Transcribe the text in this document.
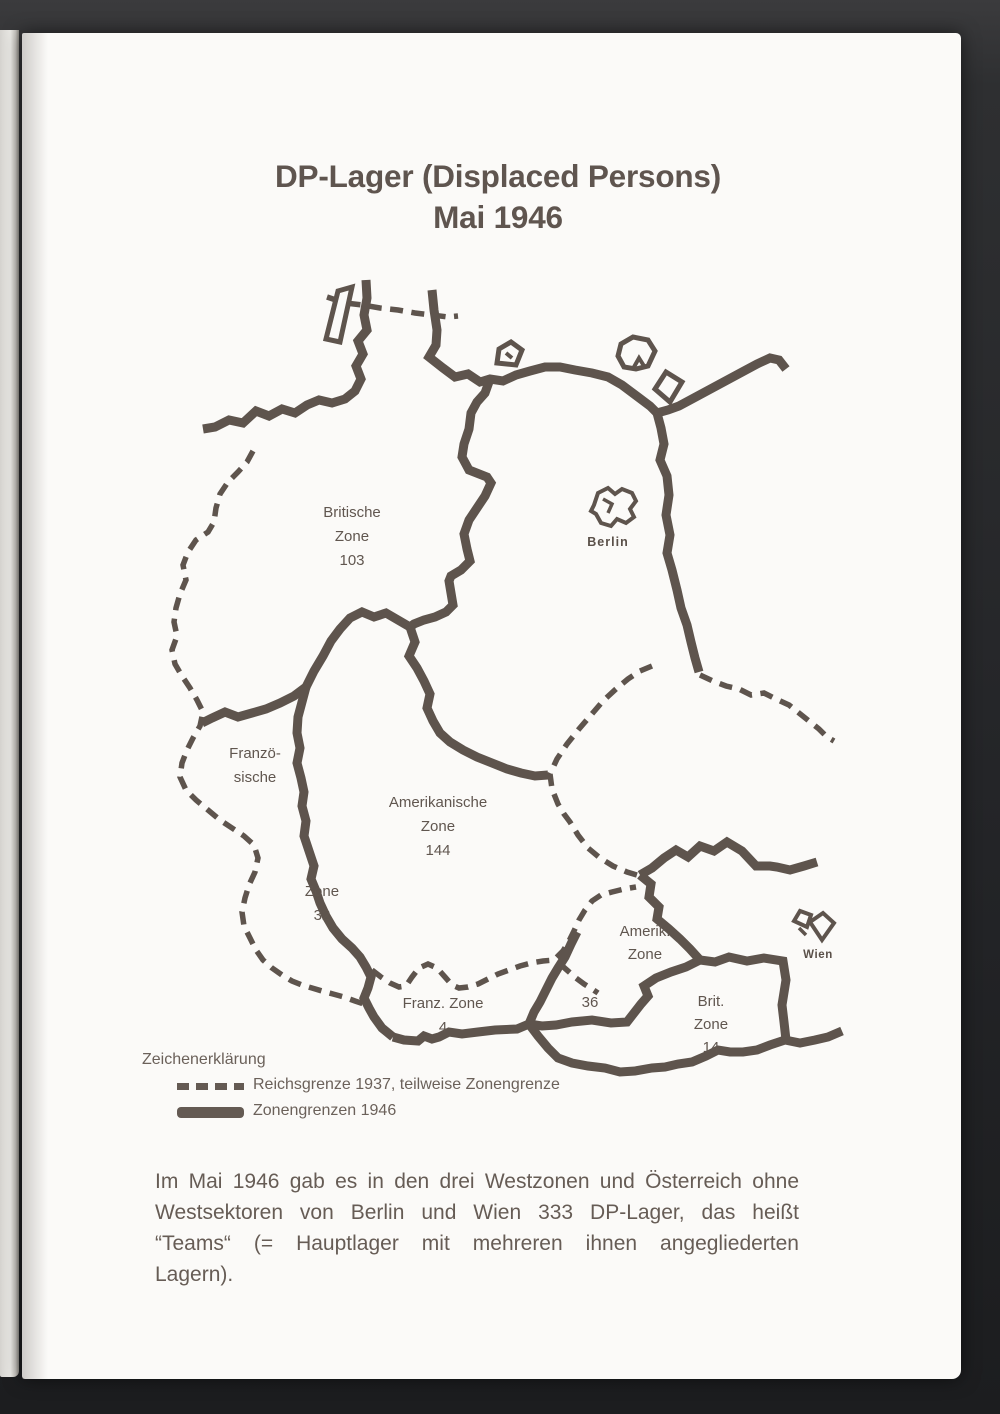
DP-Lager (Displaced Persons)
Mai 1946
Britische
Zone
103
Berlin
Franzö-
sische
Zone
32
Amerikanische
Zone
144
Franz. Zone
4
Amerik.
Zone
36	Brit.
Zone
14
Wien
Zeichenerklärung
Reichsgrenze 1937, teilweise Zonengrenze
Zonengrenzen 1946
Im Mai 1946 gab es in den drei Westzonen und Österreich ohne
Westsektoren von Berlin und Wien 333 DP-Lager, das heißt
“Teams“ (= Hauptlager mit mehreren ihnen angegliederten
Lagern).
